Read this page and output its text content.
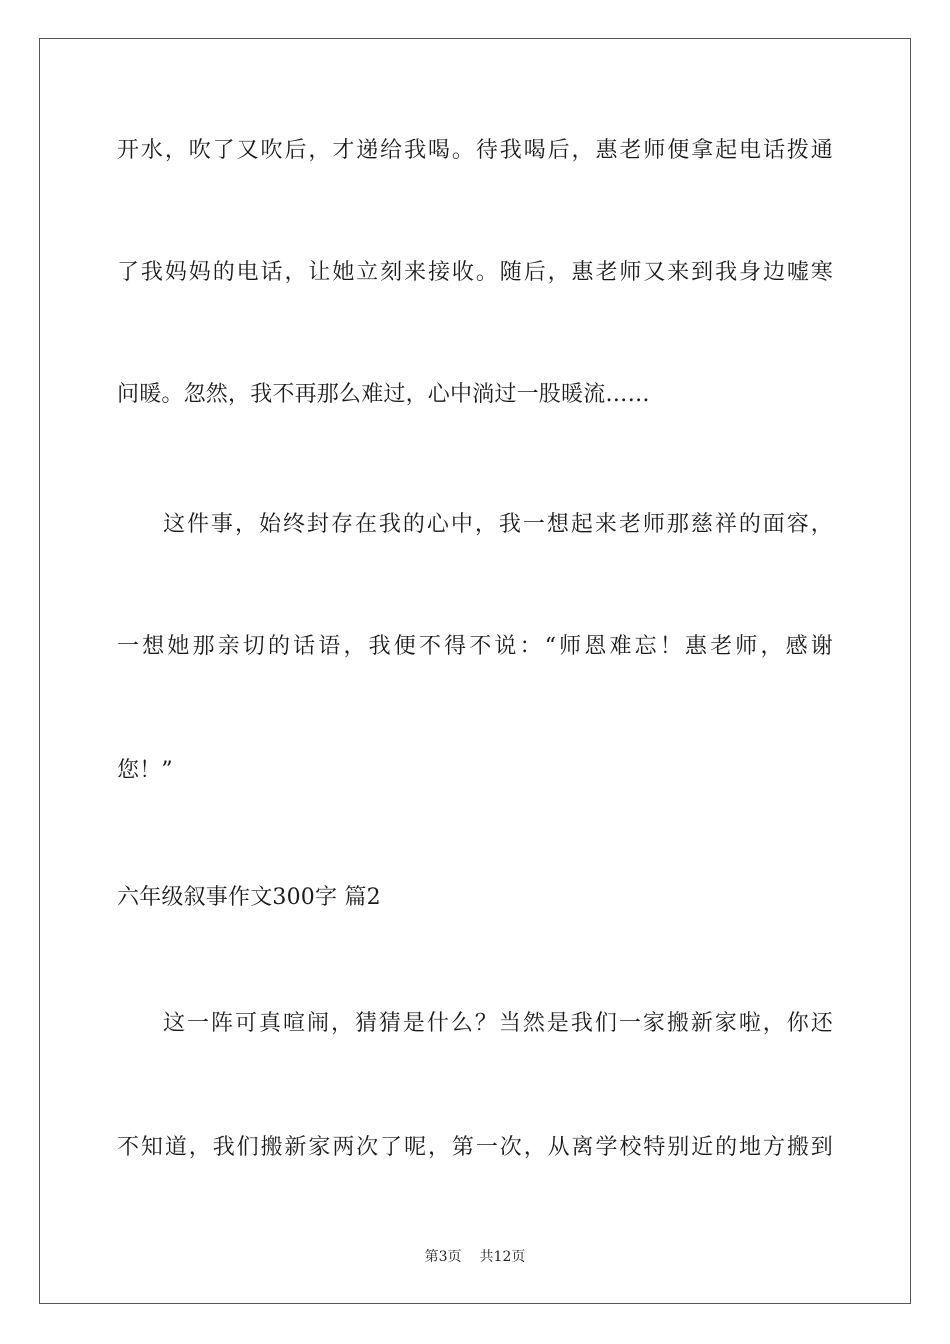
开水，吹了又吹后，才递给我喝。待我喝后，惠老师便拿起电话拨通
了我妈妈的电话，让她立刻来接收。随后，惠老师又来到我身边嘘寒
问暖。忽然，我不再那么难过，心中淌过一股暖流……
这件事，始终封存在我的心中，我一想起来老师那慈祥的面容，
一想她那亲切的话语，我便不得不说：“师恩难忘！惠老师，感谢
您！”
六年级叙事作文300字 篇2
这一阵可真喧闹，猜猜是什么？当然是我们一家搬新家啦，你还
不知道，我们搬新家两次了呢，第一次，从离学校特别近的地方搬到
第3页 共12页
